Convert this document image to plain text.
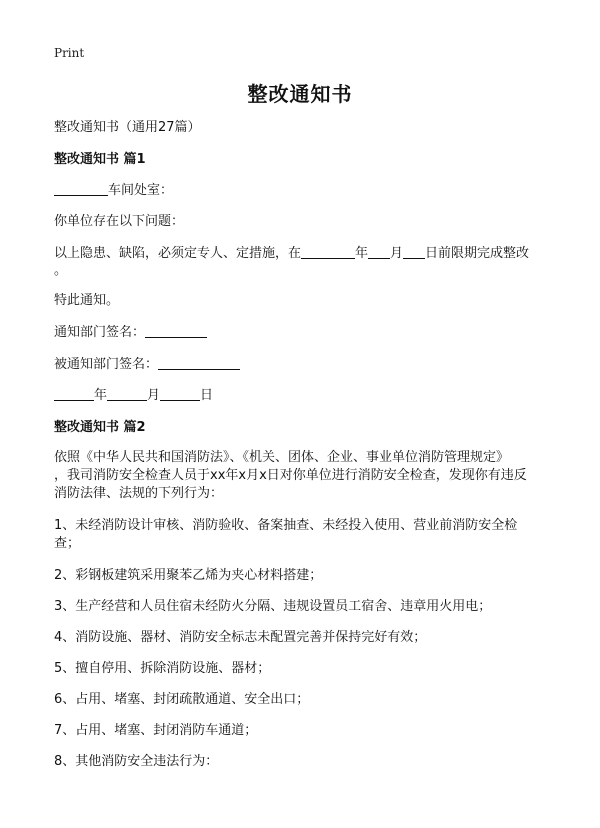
Print
整改通知书
整改通知书（通用27篇）
整改通知书 篇1
车间处室：
你单位存在以下问题：
以上隐患、缺陷，必须定专人、定措施，在	年 月 日前限期完成整改
。
特此通知。
通知部门签名：
被通知部门签名：
年	月	日
整改通知书 篇2
依照《中华人民共和国消防法》、《机关、团体、企业、事业单位消防管理规定》
，我司消防安全检查人员于xx年x月x日对你单位进行消防安全检查，发现你有违反
消防法律、法规的下列行为：
1、未经消防设计审核、消防验收、备案抽查、未经投入使用、营业前消防安全检
查；
2、彩钢板建筑采用聚苯乙烯为夹心材料搭建；
3、生产经营和人员住宿未经防火分隔、违规设置员工宿舍、违章用火用电；
4、消防设施、器材、消防安全标志未配置完善并保持完好有效；
5、擅自停用、拆除消防设施、器材；
6、占用、堵塞、封闭疏散通道、安全出口；
7、占用、堵塞、封闭消防车通道；
8、其他消防安全违法行为：
